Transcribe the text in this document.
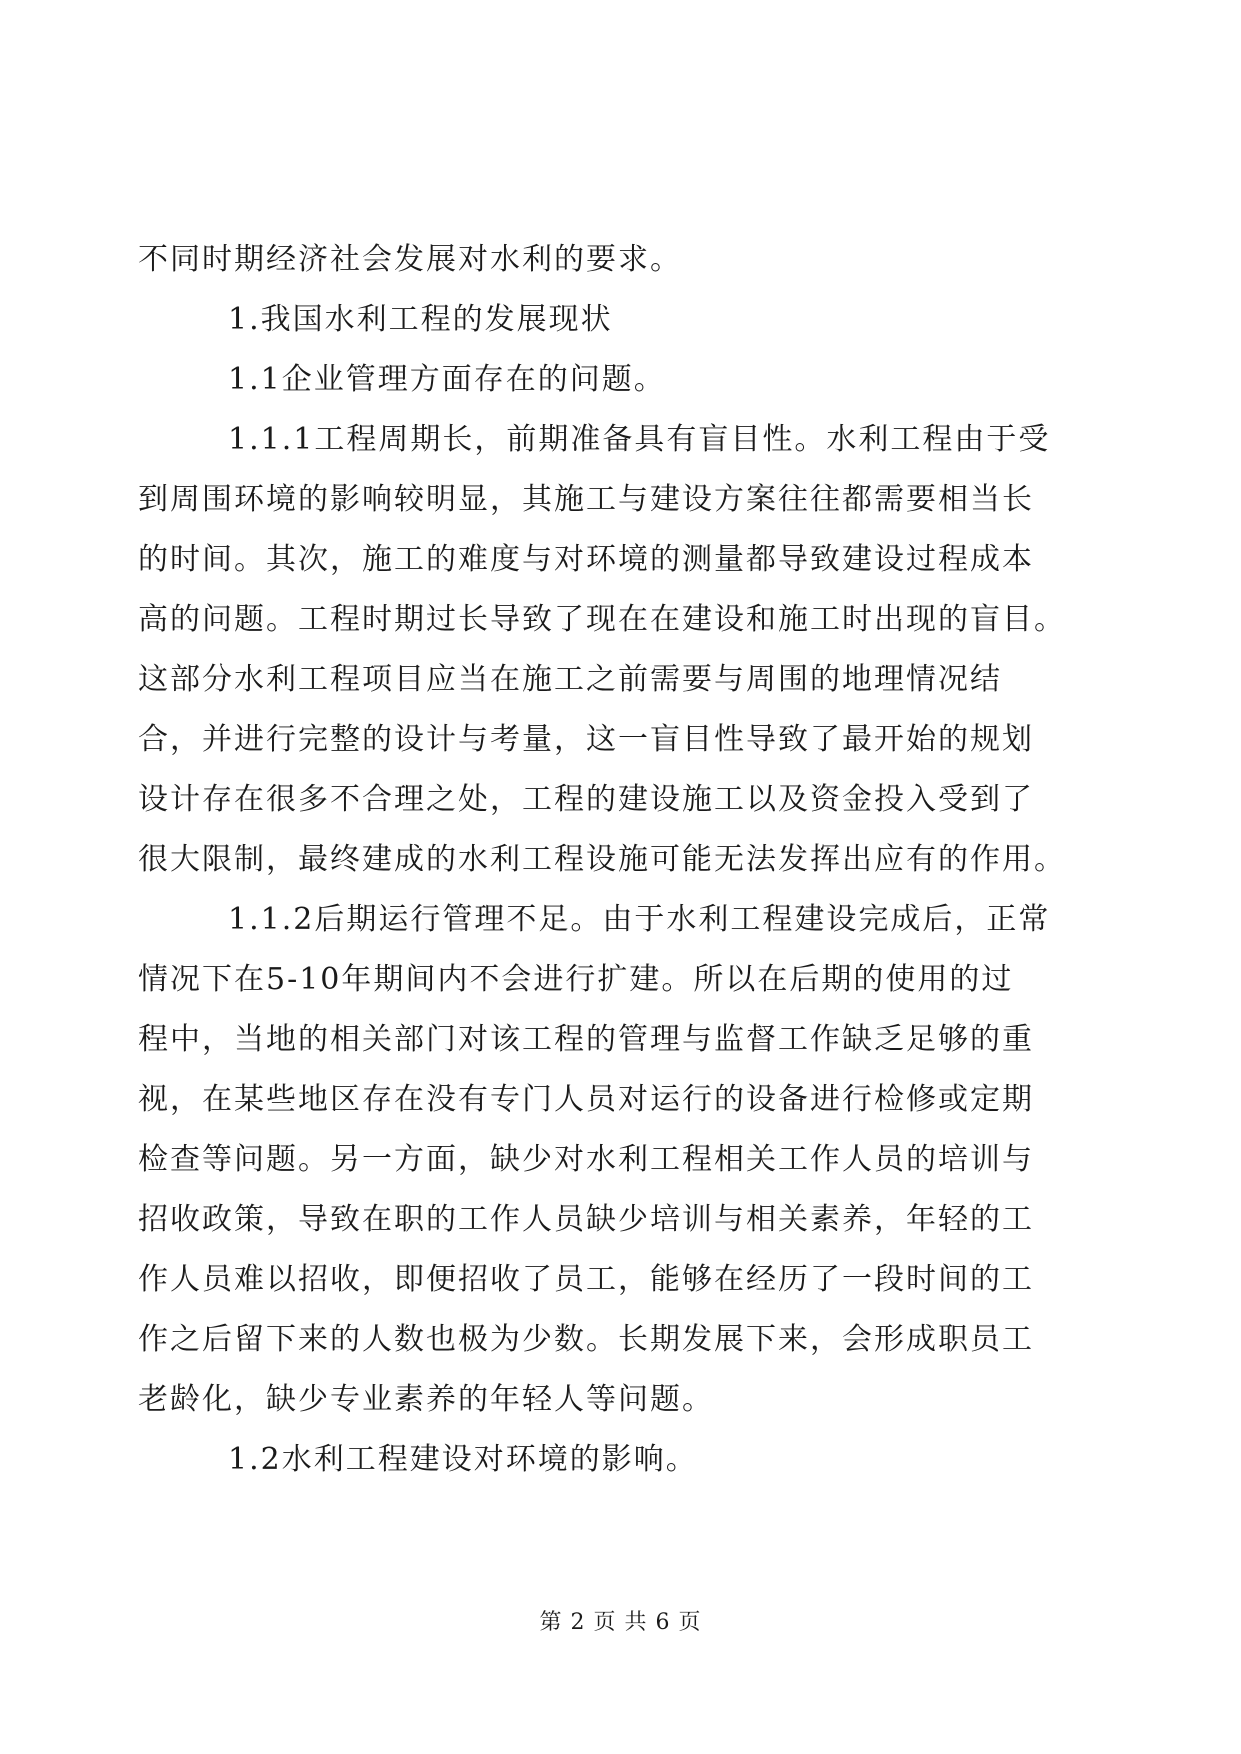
不同时期经济社会发展对水利的要求。
1.我国水利工程的发展现状
1.1企业管理方面存在的问题。
1.1.1工程周期长，前期准备具有盲目性。水利工程由于受
到周围环境的影响较明显，其施工与建设方案往往都需要相当长
的时间。其次，施工的难度与对环境的测量都导致建设过程成本
高的问题。工程时期过长导致了现在在建设和施工时出现的盲目。
这部分水利工程项目应当在施工之前需要与周围的地理情况结
合，并进行完整的设计与考量，这一盲目性导致了最开始的规划
设计存在很多不合理之处，工程的建设施工以及资金投入受到了
很大限制，最终建成的水利工程设施可能无法发挥出应有的作用。
1.1.2后期运行管理不足。由于水利工程建设完成后，正常
情况下在5-10年期间内不会进行扩建。所以在后期的使用的过
程中，当地的相关部门对该工程的管理与监督工作缺乏足够的重
视，在某些地区存在没有专门人员对运行的设备进行检修或定期
检查等问题。另一方面，缺少对水利工程相关工作人员的培训与
招收政策，导致在职的工作人员缺少培训与相关素养，年轻的工
作人员难以招收，即便招收了员工，能够在经历了一段时间的工
作之后留下来的人数也极为少数。长期发展下来，会形成职员工
老龄化，缺少专业素养的年轻人等问题。
1.2水利工程建设对环境的影响。
第 2 页 共 6 页
